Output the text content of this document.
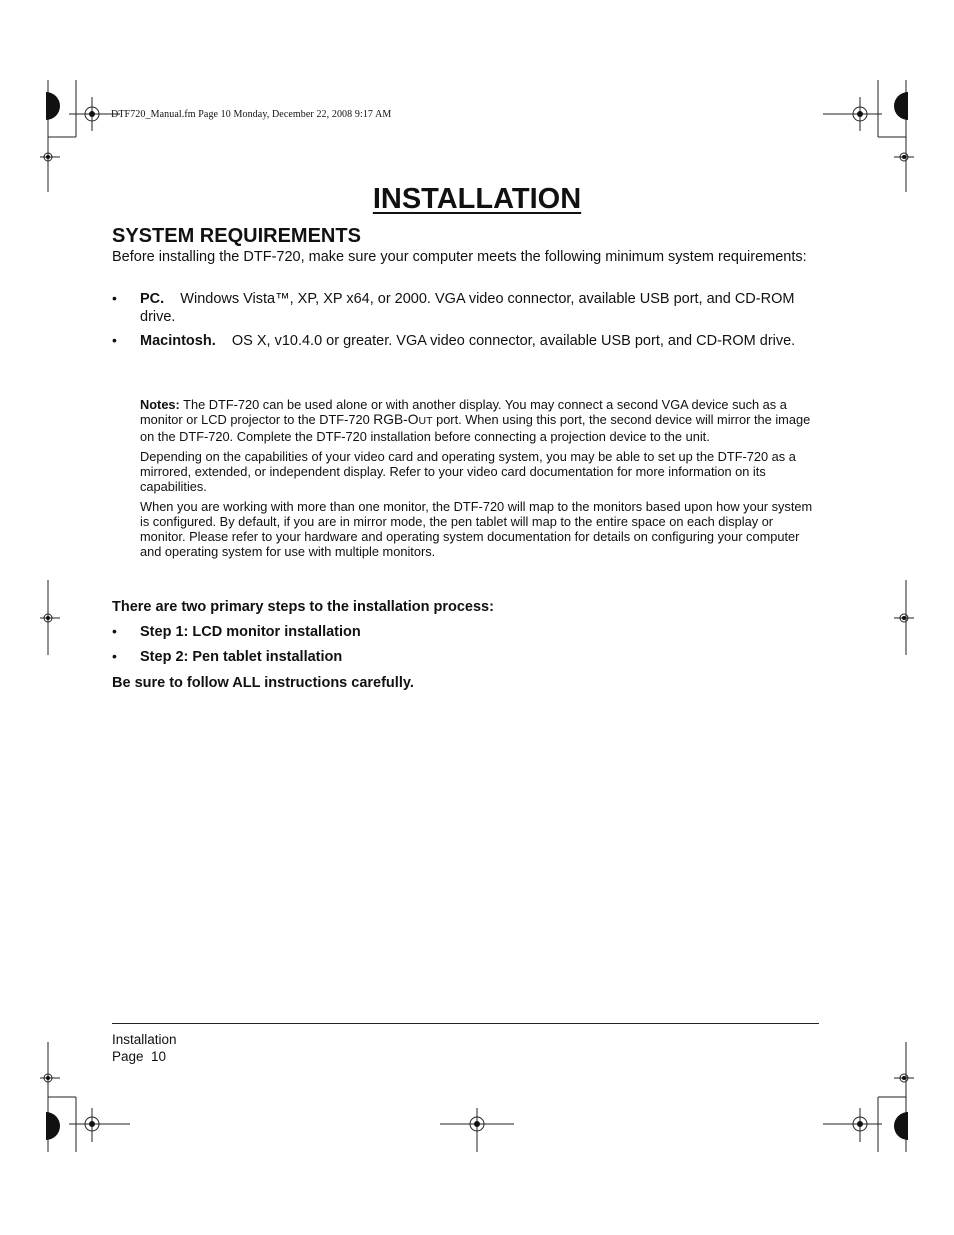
DTF720_Manual.fm Page 10 Monday, December 22, 2008 9:17 AM
INSTALLATION
SYSTEM REQUIREMENTS

Before installing the DTF-720, make sure your computer meets the following minimum system requirements:

• PC. Windows Vista™, XP, XP x64, or 2000. VGA video connector, available USB port, and CD-ROM drive.
• Macintosh. OS X, v10.4.0 or greater. VGA video connector, available USB port, and CD-ROM drive.

Notes: The DTF-720 can be used alone or with another display. You may connect a second VGA device such as a monitor or LCD projector to the DTF-720 RGB-OUT port. When using this port, the second device will mirror the image on the DTF-720. Complete the DTF-720 installation before connecting a projection device to the unit.

Depending on the capabilities of your video card and operating system, you may be able to set up the DTF-720 as a mirrored, extended, or independent display. Refer to your video card documentation for more information on its capabilities.

When you are working with more than one monitor, the DTF-720 will map to the monitors based upon how your system is configured. By default, if you are in mirror mode, the pen tablet will map to the entire space on each display or monitor. Please refer to your hardware and operating system documentation for details on configuring your computer and operating system for use with multiple monitors.

There are two primary steps to the installation process:

• Step 1: LCD monitor installation
• Step 2: Pen tablet installation

Be sure to follow ALL instructions carefully.

Installation
Page  10
